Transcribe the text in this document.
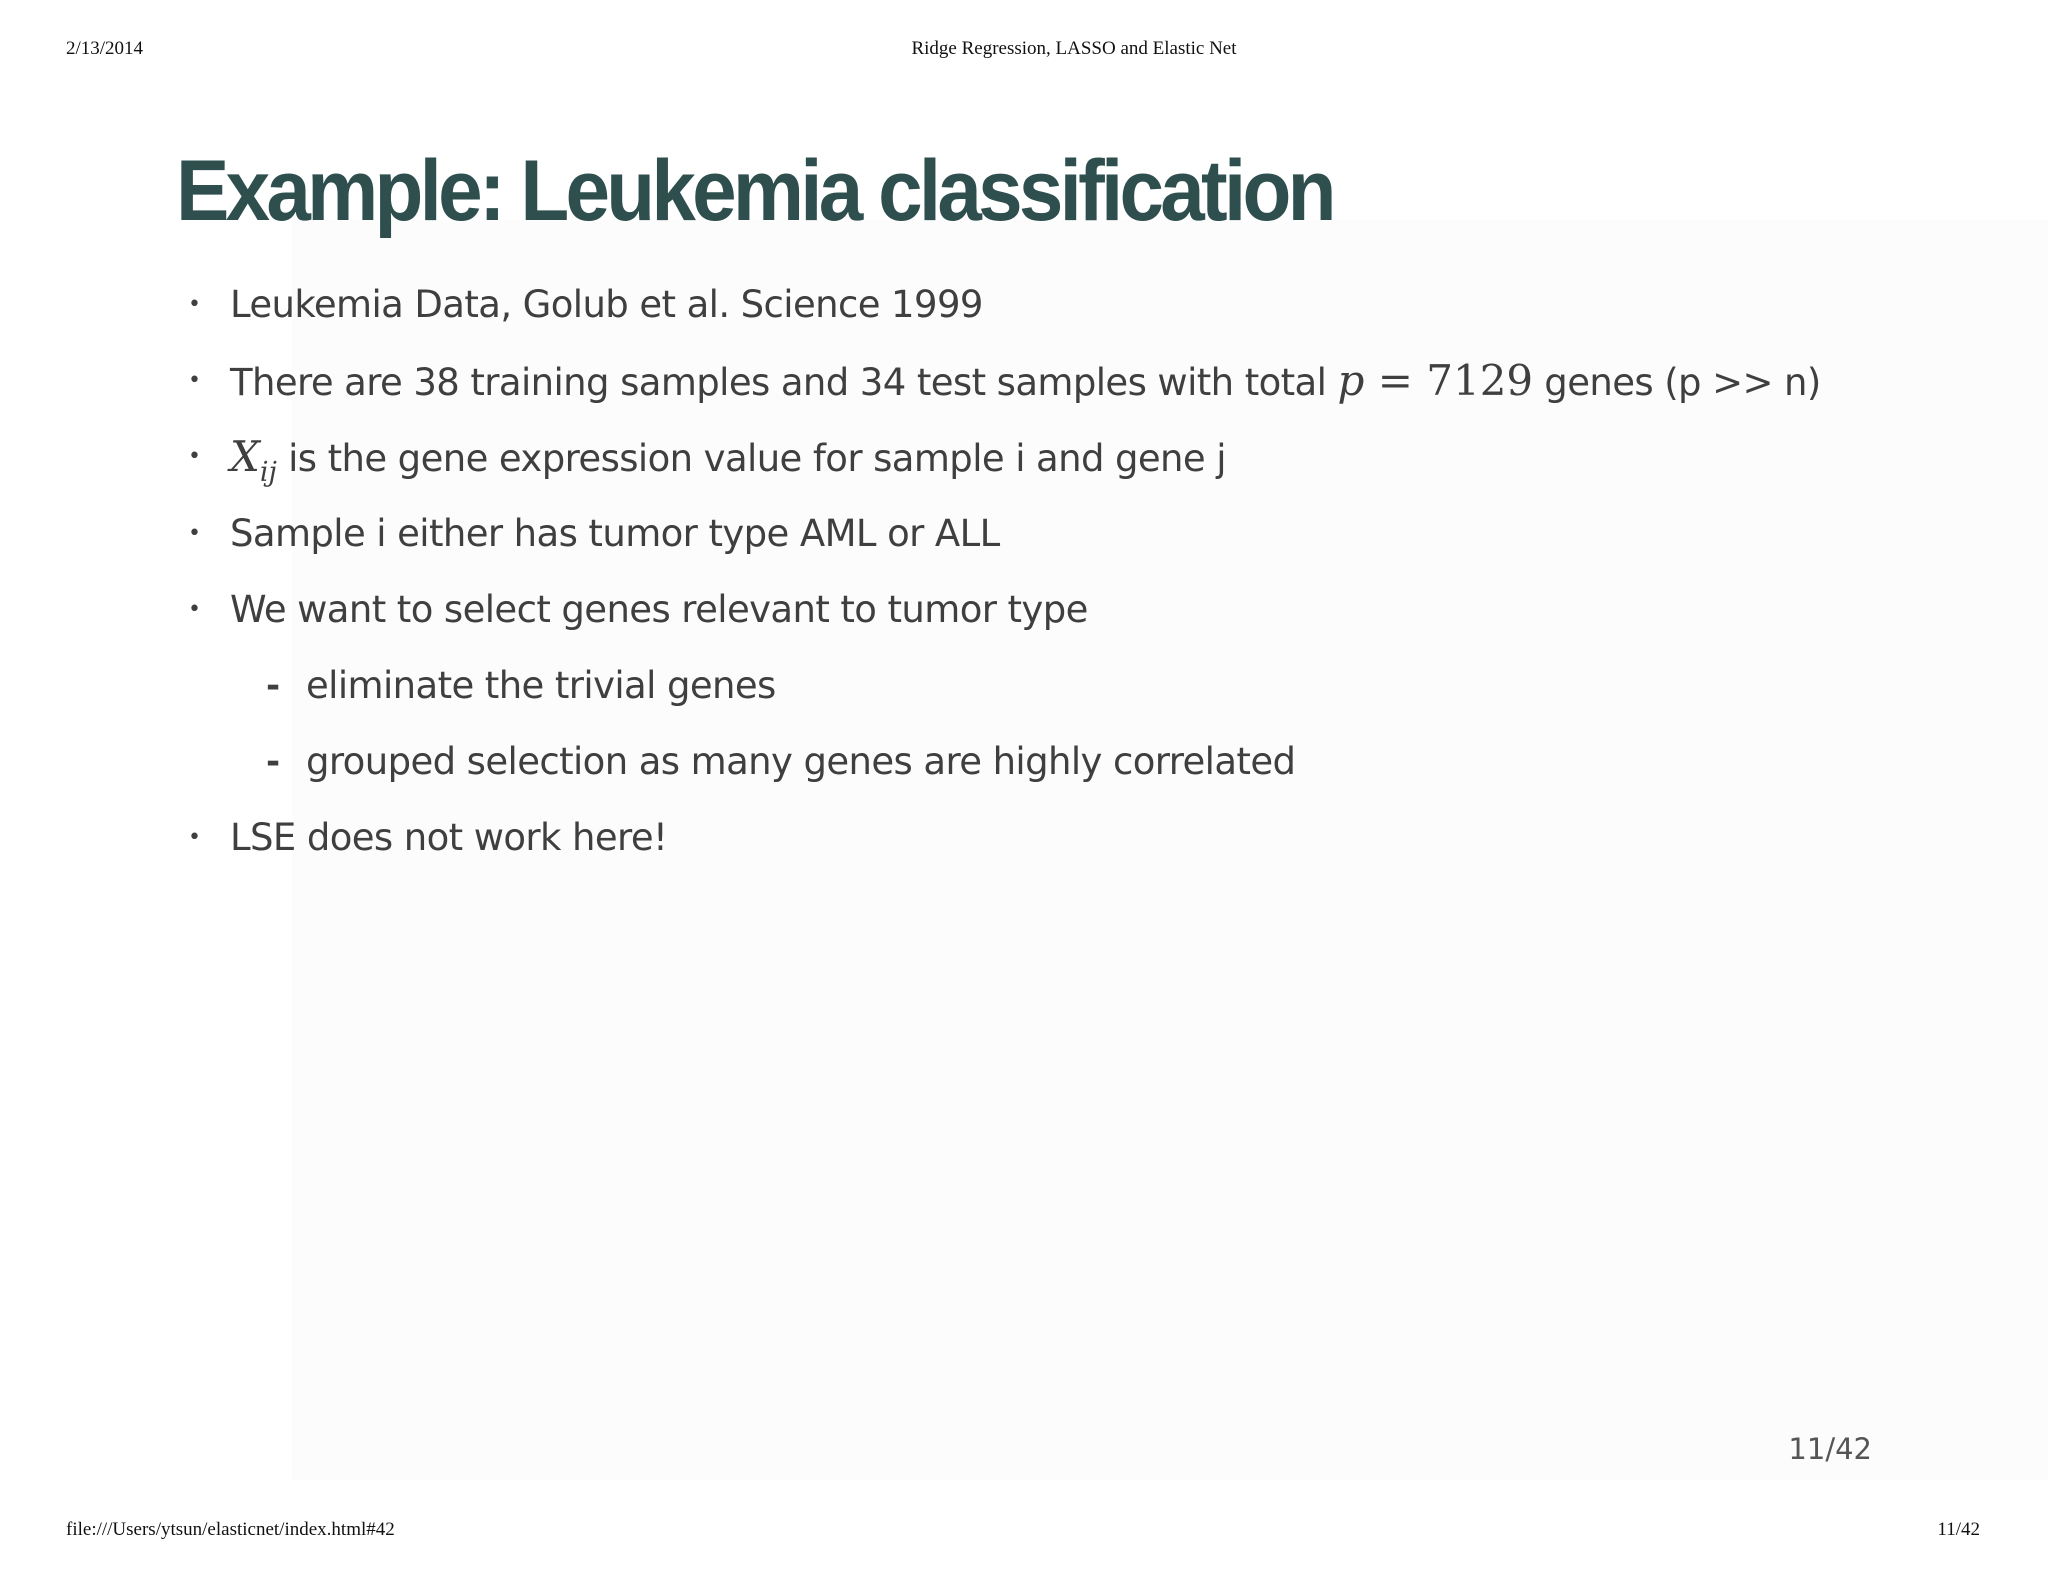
2/13/2014	Ridge Regression, LASSO and Elastic Net
Example: Leukemia classification
• Leukemia Data, Golub et al. Science 1999
• There are 38 training samples and 34 test samples with total p = 7129 genes (p >> n)
• $X_{ij}$ is the gene expression value for sample i and gene j
• Sample i either has tumor type AML or ALL
• We want to select genes relevant to tumor type
- eliminate the trivial genes
- grouped selection as many genes are highly correlated
• LSE does not work here!
11/42
file:///Users/ytsun/elasticnet/index.html#42	11/42
